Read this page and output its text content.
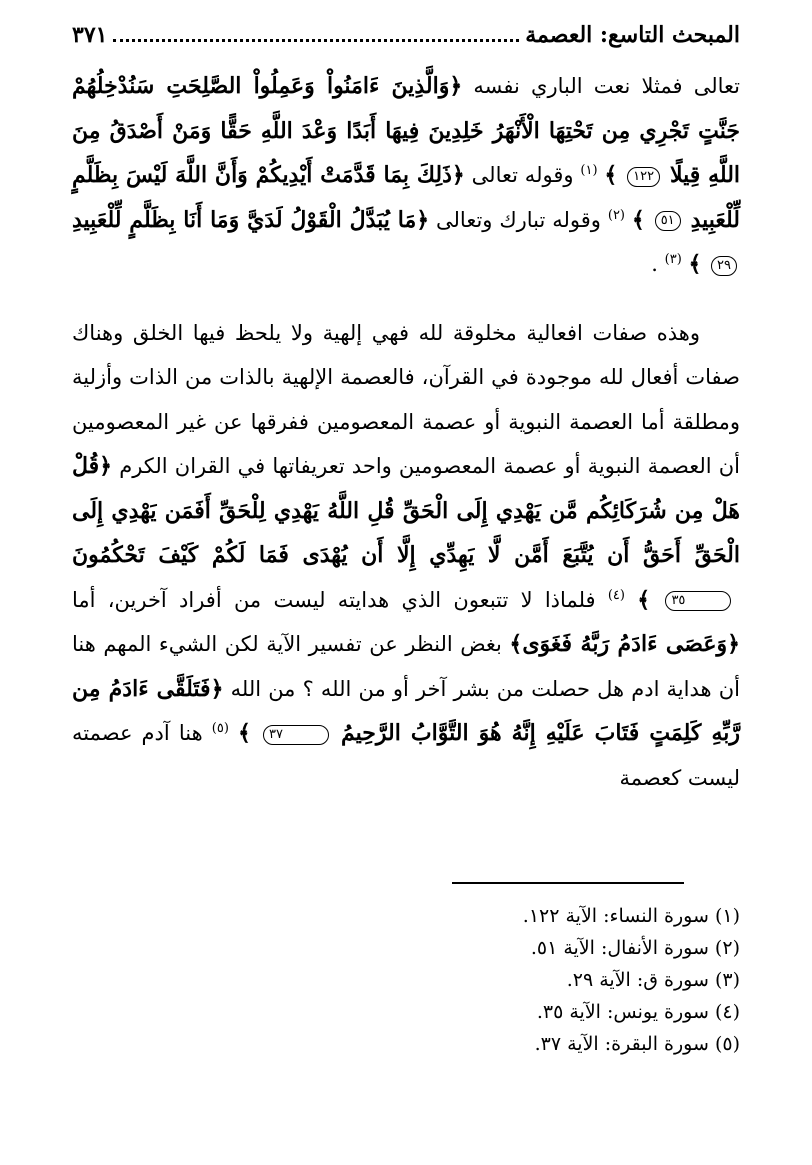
المبحث التاسع: العصمة
٣٧١

تعالى فمثلا نعت الباري نفسه ﴿وَالَّذِينَ ءَامَنُواْ وَعَمِلُواْ الصَّلِحَتِ سَنُدْخِلُهُمْ جَنَّتٍ تَجْرِي مِن تَحْتِهَا الْأَنْهَرُ خَلِدِينَ فِيهَا أَبَدًا وَعْدَ اللَّهِ حَقًّا وَمَنْ أَصْدَقُ مِنَ اللَّهِ قِيلًا ١٢٢ ﴾ $^{(١)}$ وقوله تعالى ﴿ذَلِكَ بِمَا قَدَّمَتْ أَيْدِيكُمْ وَأَنَّ اللَّهَ لَيْسَ بِظَلَّمٍ لِّلْعَبِيدِ ٥١ ﴾ $^{(٢)}$ وقوله تبارك وتعالى ﴿مَا يُبَدَّلُ الْقَوْلُ لَدَيَّ وَمَا أَنَا بِظَلَّمٍ لِّلْعَبِيدِ ٢٩ ﴾ $^{(٣)}$ .

وهذه صفات افعالية مخلوقة لله فهي إلهية ولا يلحظ فيها الخلق وهناك صفات أفعال لله موجودة في القرآن، فالعصمة الإلهية بالذات من الذات وأزلية ومطلقة أما العصمة النبوية أو عصمة المعصومين ففرقها عن غير المعصومين أن العصمة النبوية أو عصمة المعصومين واحد تعريفاتها في القران الكرم ﴿قُلْ هَلْ مِن شُرَكَائِكُم مَّن يَهْدِي إِلَى الْحَقِّ قُلِ اللَّهُ يَهْدِي لِلْحَقِّ أَفَمَن يَهْدِي إِلَى الْحَقِّ أَحَقُّ أَن يُتَّبَعَ أَمَّن لَّا يَهِدِّي إِلَّا أَن يُهْدَى فَمَا لَكُمْ كَيْفَ تَحْكُمُونَ ٣٥ ﴾ $^{(٤)}$ فلماذا لا تتبعون الذي هدايته ليست من أفراد آخرين، أما ﴿وَعَصَى ءَادَمُ رَبَّهُ فَغَوَى﴾ بغض النظر عن تفسير الآية لكن الشيء المهم هنا أن هداية ادم هل حصلت من بشر آخر أو من الله ؟ من الله ﴿فَتَلَقَّى ءَادَمُ مِن رَّبِّهِ كَلِمَتٍ فَتَابَ عَلَيْهِ إِنَّهُ هُوَ التَّوَّابُ الرَّحِيمُ ٣٧ ﴾ $^{(٥)}$ هنا آدم عصمته ليست كعصمة

(١) سورة النساء: الآية ١٢٢.
(٢) سورة الأنفال: الآية ٥١.
(٣) سورة ق: الآية ٢٩.
(٤) سورة يونس: الآية ٣٥.
(٥) سورة البقرة: الآية ٣٧.
